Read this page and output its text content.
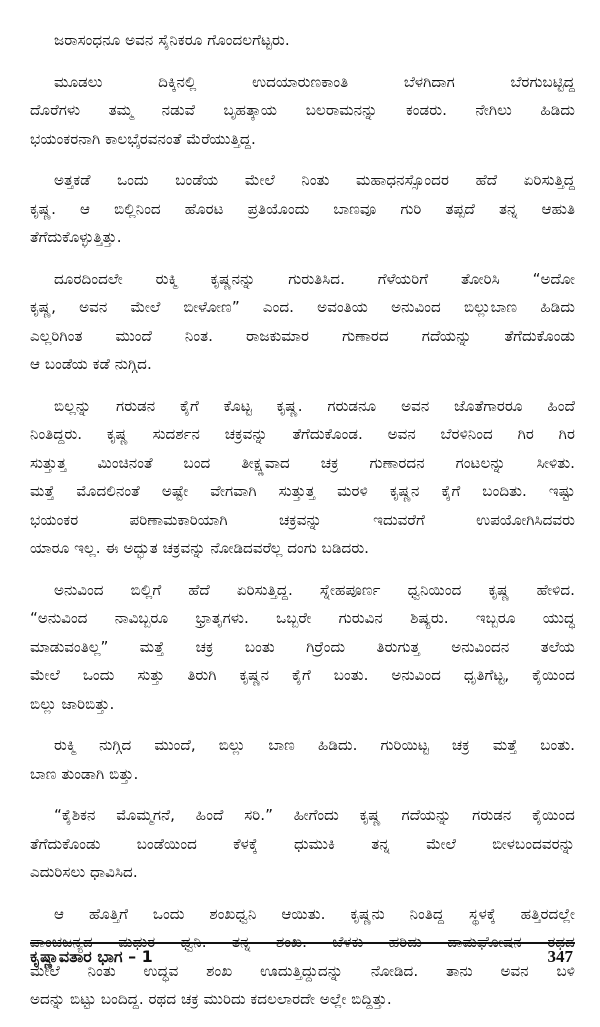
ಜರಾಸಂಧನೂ ಅವನ ಸೈನಿಕರೂ ಗೊಂದಲಗೆಟ್ಟರು.
ಮೂಡಲು ದಿಕ್ಕಿನಲ್ಲಿ ಉದಯಾರುಣಕಾಂತಿ ಬೆಳಗಿದಾಗ ಬೆರಗುಬಟ್ಟಿದ್ದ
ದೊರೆಗಳು ತಮ್ಮ ನಡುವೆ ಬೃಹತ್ಕಾಯ ಬಲರಾಮನನ್ನು ಕಂಡರು. ನೇಗಿಲು ಹಿಡಿದು
ಭಯಂಕರನಾಗಿ ಕಾಲಭೈರವನಂತೆ ಮೆರೆಯುತ್ತಿದ್ದ.
ಅತ್ತಕಡೆ ಒಂದು ಬಂಡೆಯ ಮೇಲೆ ನಿಂತು ಮಹಾಧನಸ್ಸೊಂದರ ಹೆದೆ ಏರಿಸುತ್ತಿದ್ದ
ಕೃಷ್ಣ. ಆ ಬಿಲ್ಲಿನಿಂದ ಹೊರಟ ಪ್ರತಿಯೊಂದು ಬಾಣವೂ ಗುರಿ ತಪ್ಪದೆ ತನ್ನ ಆಹುತಿ
ತೆಗೆದುಕೊಳ್ಳುತ್ತಿತ್ತು.
ದೂರದಿಂದಲೇ ರುಕ್ಮಿ ಕೃಷ್ಣನನ್ನು ಗುರುತಿಸಿದ. ಗೆಳೆಯರಿಗೆ ತೋರಿಸಿ “ಅದೋ
ಕೃಷ್ಣ, ಅವನ ಮೇಲೆ ಬೀಳೋಣ” ಎಂದ. ಅವಂತಿಯ ಅನುವಿಂದ ಬಿಲ್ಲುಬಾಣ ಹಿಡಿದು
ಎಲ್ಲರಿಗಿಂತ ಮುಂದೆ ನಿಂತ. ರಾಜಕುಮಾರ ಗುಣಾರದ ಗದೆಯನ್ನು ತೆಗೆದುಕೊಂಡು
ಆ ಬಂಡೆಯ ಕಡೆ ನುಗ್ಗಿದ.
ಬಿಲ್ಲನ್ನು ಗರುಡನ ಕೈಗೆ ಕೊಟ್ಟ ಕೃಷ್ಣ. ಗರುಡನೂ ಅವನ ಜೊತೆಗಾರರೂ ಹಿಂದೆ
ನಿಂತಿದ್ದರು. ಕೃಷ್ಣ ಸುದರ್ಶನ ಚಕ್ರವನ್ನು ತೆಗೆದುಕೊಂಡ. ಅವನ ಬೆರಳಿನಿಂದ ಗಿರ ಗಿರ
ಸುತ್ತುತ್ತ ಮಿಂಚಿನಂತೆ ಬಂದ ತೀಕ್ಷ್ಣವಾದ ಚಕ್ರ ಗುಣಾರದನ ಗಂಟಲನ್ನು ಸೀಳಿತು.
ಮತ್ತೆ ಮೊದಲಿನಂತೆ ಅಷ್ಟೇ ವೇಗವಾಗಿ ಸುತ್ತುತ್ತ ಮರಳಿ ಕೃಷ್ಣನ ಕೈಗೆ ಬಂದಿತು. ಇಷ್ಟು
ಭಯಂಕರ ಪರಿಣಾಮಕಾರಿಯಾಗಿ ಚಕ್ರವನ್ನು ಇದುವರೆಗೆ ಉಪಯೋಗಿಸಿದವರು
ಯಾರೂ ಇಲ್ಲ. ಈ ಅದ್ಭುತ ಚಕ್ರವನ್ನು ನೋಡಿದವರೆಲ್ಲ ದಂಗು ಬಡಿದರು.
ಅನುವಿಂದ ಬಿಲ್ಲಿಗೆ ಹೆದೆ ಏರಿಸುತ್ತಿದ್ದ. ಸ್ನೇಹಪೂರ್ಣ ಧ್ವನಿಯಿಂದ ಕೃಷ್ಣ ಹೇಳಿದ.
“ಅನುವಿಂದ ನಾವಿಬ್ಬರೂ ಭ್ರಾತೃಗಳು. ಒಬ್ಬರೇ ಗುರುವಿನ ಶಿಷ್ಯರು. ಇಬ್ಬರೂ ಯುದ್ಧ
ಮಾಡುವಂತಿಲ್ಲ” ಮತ್ತೆ ಚಕ್ರ ಬಂತು ಗಿರ್ರೆಂದು ತಿರುಗುತ್ತ ಅನುವಿಂದನ ತಲೆಯ
ಮೇಲೆ ಒಂದು ಸುತ್ತು ತಿರುಗಿ ಕೃಷ್ಣನ ಕೈಗೆ ಬಂತು. ಅನುವಿಂದ ಧೃತಿಗೆಟ್ಟ, ಕೈಯಿಂದ
ಬಿಲ್ಲು ಜಾರಿಬಿತ್ತು.
ರುಕ್ಮಿ ನುಗ್ಗಿದ ಮುಂದೆ, ಬಿಲ್ಲು ಬಾಣ ಹಿಡಿದು. ಗುರಿಯಿಟ್ಟ ಚಕ್ರ ಮತ್ತೆ ಬಂತು.
ಬಾಣ ತುಂಡಾಗಿ ಬಿತ್ತು.
“ಕೈಶಿಕನ ಮೊಮ್ಮಗನೆ, ಹಿಂದೆ ಸರಿ.” ಹೀಗೆಂದು ಕೃಷ್ಣ ಗದೆಯನ್ನು ಗರುಡನ ಕೈಯಿಂದ
ತೆಗೆದುಕೊಂಡು ಬಂಡೆಯಿಂದ ಕೆಳಕ್ಕೆ ಧುಮುಕಿ ತನ್ನ ಮೇಲೆ ಬೀಳಬಂದವರನ್ನು
ಎದುರಿಸಲು ಧಾವಿಸಿದ.
ಆ ಹೊತ್ತಿಗೆ ಒಂದು ಶಂಖಧ್ವನಿ ಆಯಿತು. ಕೃಷ್ಣನು ನಿಂತಿದ್ದ ಸ್ಥಳಕ್ಕೆ ಹತ್ತಿರದಲ್ಲೇ
ಪಾಂಚಜನ್ಯದ ಮಧುರ ಧ್ವನಿ. ತನ್ನ ಶಂಖ. ಬೆಳಕು ಹರಿದು ದಾಮಘೋಷನ ರಥದ
ಮೇಲೆ ನಿಂತು ಉದ್ಧವ ಶಂಖ ಊದುತ್ತಿದ್ದುದನ್ನು ನೋಡಿದ. ತಾನು ಅವನ ಬಳಿ
ಅದನ್ನು ಬಿಟ್ಟು ಬಂದಿದ್ದ. ರಥದ ಚಕ್ರ ಮುರಿದು ಕದಲಲಾರದೇ ಅಲ್ಲೇ ಬಿದ್ದಿತ್ತು.
ಕೃಷ್ಣಾವತಾರ ಭಾಗ – 1	347
